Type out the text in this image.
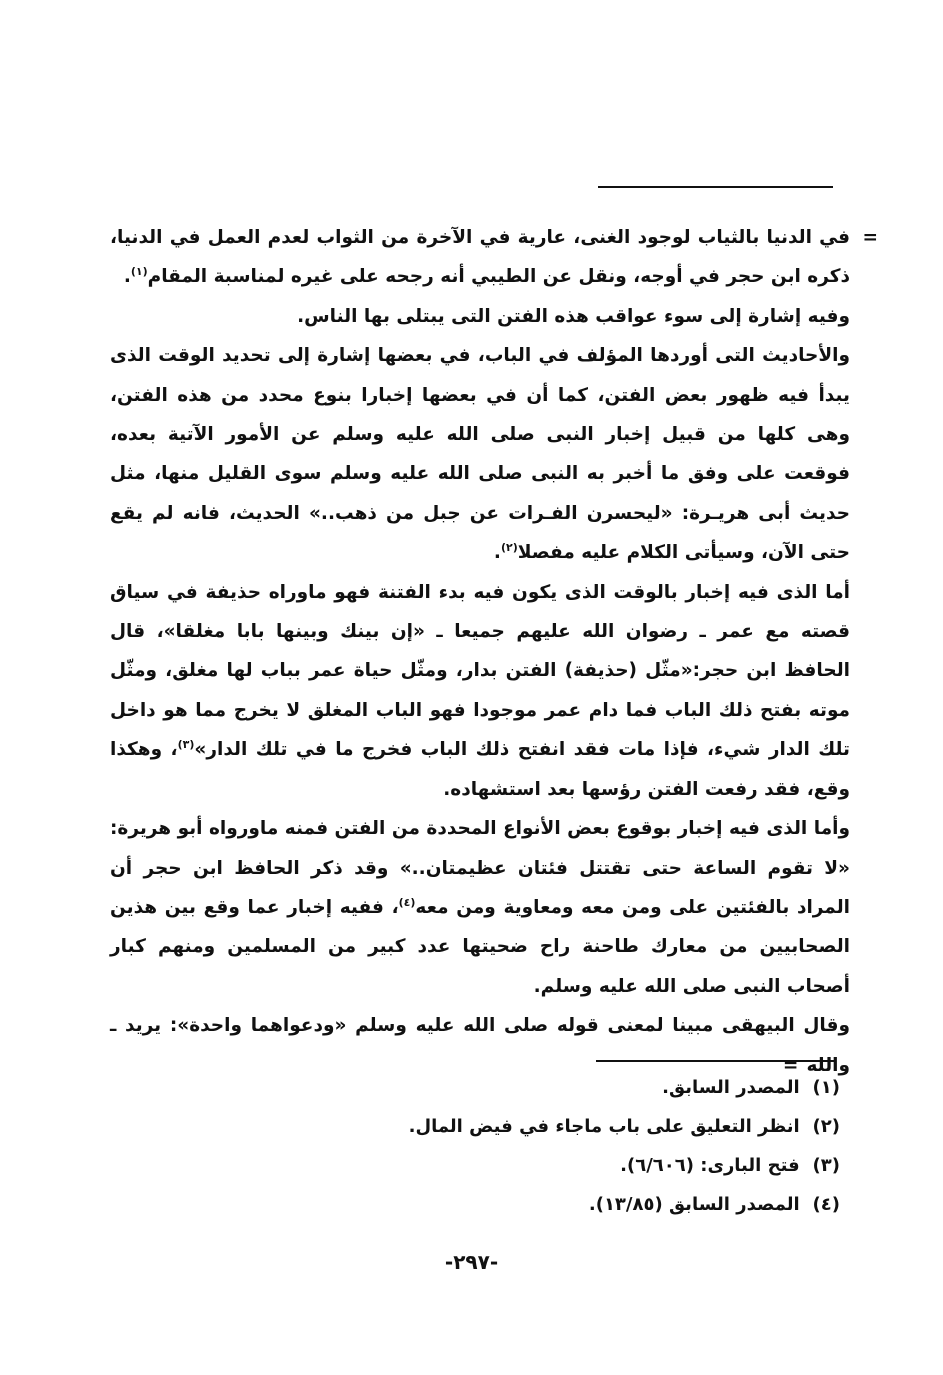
=
في الدنيا بالثياب لوجود الغنى، عارية في الآخرة من الثواب لعدم العمل في الدنيا، ذكره ابن حجر في أوجه، ونقل عن الطيبي أنه رجحه على غيره لمناسبة المقام$^{(١)}$.

وفيه إشارة إلى سوء عواقب هذه الفتن التى يبتلى بها الناس.

والأحاديث التى أوردها المؤلف في الباب، في بعضها إشارة إلى تحديد الوقت الذى يبدأ فيه ظهور بعض الفتن، كما أن في بعضها إخبارا بنوع محدد من هذه الفتن، وهى كلها من قبيل إخبار النبى صلى الله عليه وسلم عن الأمور الآتية بعده، فوقعت على وفق ما أخبر به النبى صلى الله عليه وسلم سوى القليل منها، مثل حديث أبى هريـرة: «ليحسرن الفـرات عن جبل من ذهب..» الحديث، فانه لم يقع حتى الآن، وسيأتى الكلام عليه مفصلا$^{(٢)}$.

أما الذى فيه إخبار بالوقت الذى يكون فيه بدء الفتنة فهو ماوراه حذيفة في سياق قصته مع عمر ـ رضوان الله عليهم جميعا ـ «إن بينك وبينها بابا مغلقا»، قال الحافظ ابن حجر:«مثّل (حذيفة) الفتن بدار، ومثّل حياة عمر بباب لها مغلق، ومثّل موته بفتح ذلك الباب فما دام عمر موجودا فهو الباب المغلق لا يخرج مما هو داخل تلك الدار شيء، فإذا مات فقد انفتح ذلك الباب فخرج ما في تلك الدار»$^{(٣)}$، وهكذا وقع، فقد رفعت الفتن رؤسها بعد استشهاده.

وأما الذى فيه إخبار بوقوع بعض الأنواع المحددة من الفتن فمنه ماورواه أبو هريرة: «لا تقوم الساعة حتى تقتتل فئتان عظيمتان..» وقد ذكر الحافظ ابن حجر أن المراد بالفئتين على ومن معه ومعاوية ومن معه$^{(٤)}$، ففيه إخبار عما وقع بين هذين الصحابيين من معارك طاحنة راح ضحيتها عدد كبير من المسلمين ومنهم كبار أصحاب النبى صلى الله عليه وسلم.

وقال البيهقى مبينا لمعنى قوله صلى الله عليه وسلم «ودعواهما واحدة»: يريد ـ والله=

(١) المصدر السابق.

(٢) انظر التعليق على باب ماجاء في فيض المال.

(٣) فتح البارى: (٦/٦٠٦).

(٤) المصدر السابق (١٣/٨٥).

-٢٩٧-
